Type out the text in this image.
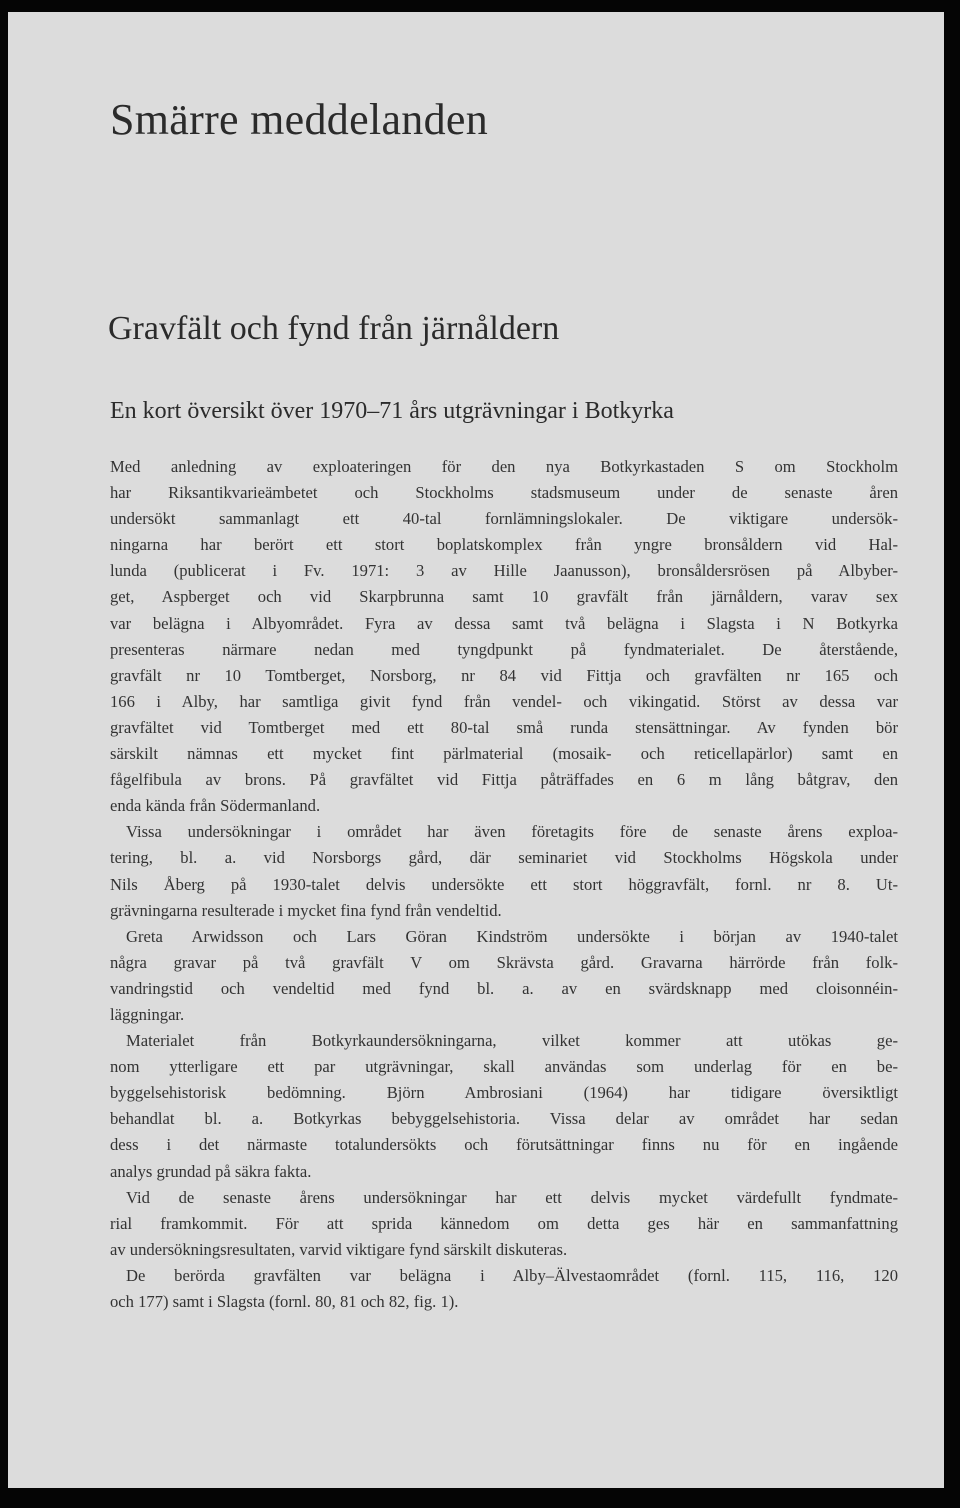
Smärre meddelanden
Gravfält och fynd från järnåldern
En kort översikt över 1970–71 års utgrävningar i Botkyrka
Med anledning av exploateringen för den nya Botkyrkastaden S om Stockholm
har Riksantikvarieämbetet och Stockholms stadsmuseum under de senaste åren
undersökt sammanlagt ett 40-tal fornlämningslokaler. De viktigare undersök-
ningarna har berört ett stort boplatskomplex från yngre bronsåldern vid Hal-
lunda (publicerat i Fv. 1971: 3 av Hille Jaanusson), bronsåldersrösen på Albyber-
get, Aspberget och vid Skarpbrunna samt 10 gravfält från järnåldern, varav sex
var belägna i Albyområdet. Fyra av dessa samt två belägna i Slagsta i N Botkyrka
presenteras närmare nedan med tyngdpunkt på fyndmaterialet. De återstående,
gravfält nr 10 Tomtberget, Norsborg, nr 84 vid Fittja och gravfälten nr 165 och
166 i Alby, har samtliga givit fynd från vendel- och vikingatid. Störst av dessa var
gravfältet vid Tomtberget med ett 80-tal små runda stensättningar. Av fynden bör
särskilt nämnas ett mycket fint pärlmaterial (mosaik- och reticellapärlor) samt en
fågelfibula av brons. På gravfältet vid Fittja påträffades en 6 m lång båtgrav, den
enda kända från Södermanland.
Vissa undersökningar i området har även företagits före de senaste årens exploa-
tering, bl. a. vid Norsborgs gård, där seminariet vid Stockholms Högskola under
Nils Åberg på 1930-talet delvis undersökte ett stort höggravfält, fornl. nr 8. Ut-
grävningarna resulterade i mycket fina fynd från vendeltid.
Greta Arwidsson och Lars Göran Kindström undersökte i början av 1940-talet
några gravar på två gravfält V om Skrävsta gård. Gravarna härrörde från folk-
vandringstid och vendeltid med fynd bl. a. av en svärdsknapp med cloisonnéin-
läggningar.
Materialet från Botkyrkaundersökningarna, vilket kommer att utökas ge-
nom ytterligare ett par utgrävningar, skall användas som underlag för en be-
byggelsehistorisk bedömning. Björn Ambrosiani (1964) har tidigare översiktligt
behandlat bl. a. Botkyrkas bebyggelsehistoria. Vissa delar av området har sedan
dess i det närmaste totalundersökts och förutsättningar finns nu för en ingående
analys grundad på säkra fakta.
Vid de senaste årens undersökningar har ett delvis mycket värdefullt fyndmate-
rial framkommit. För att sprida kännedom om detta ges här en sammanfattning
av undersökningsresultaten, varvid viktigare fynd särskilt diskuteras.
De berörda gravfälten var belägna i Alby–Älvestaområdet (fornl. 115, 116, 120
och 177) samt i Slagsta (fornl. 80, 81 och 82, fig. 1).
